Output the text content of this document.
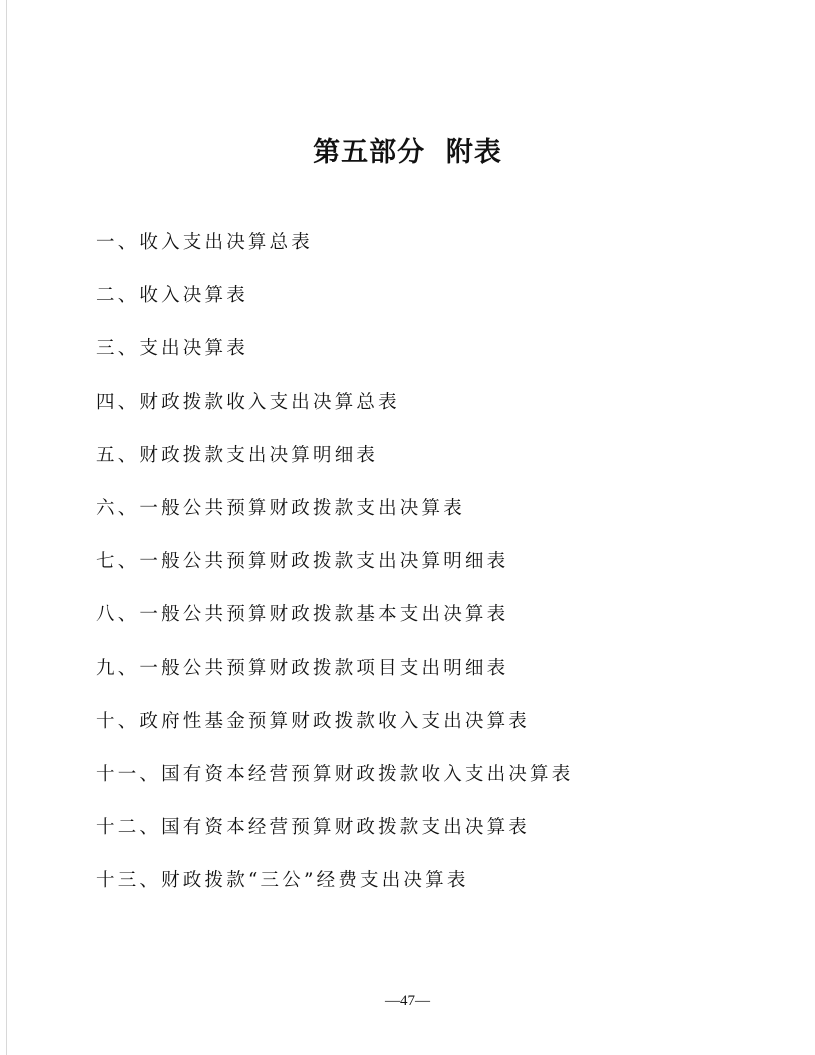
第五部分  附表
一、收入支出决算总表
二、收入决算表
三、支出决算表
四、财政拨款收入支出决算总表
五、财政拨款支出决算明细表
六、一般公共预算财政拨款支出决算表
七、一般公共预算财政拨款支出决算明细表
八、一般公共预算财政拨款基本支出决算表
九、一般公共预算财政拨款项目支出明细表
十、政府性基金预算财政拨款收入支出决算表
十一、国有资本经营预算财政拨款收入支出决算表
十二、国有资本经营预算财政拨款支出决算表
十三、财政拨款“三公”经费支出决算表
—47—
